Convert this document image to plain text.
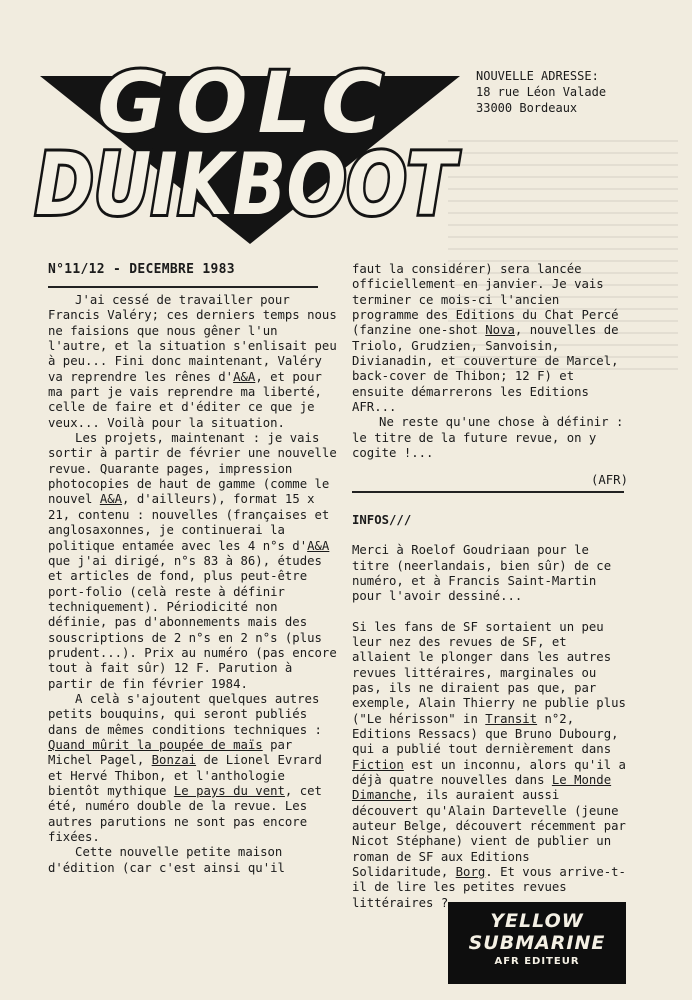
GOLC
DUIKBOOT
NOUVELLE ADRESSE:
18 rue Léon Valade
33000 Bordeaux
N°11/12 - DECEMBRE 1983

J'ai cessé de travailler pour Francis Valéry; ces derniers temps nous ne faisions que nous gêner l'un l'autre, et la situation s'enlisait peu à peu... Fini donc maintenant, Valéry va reprendre les rênes d'A&A, et pour ma part je vais reprendre ma liberté, celle de faire et d'éditer ce que je veux... Voilà pour la situation.

Les projets, maintenant : je vais sortir à partir de février une nouvelle revue. Quarante pages, impression photocopies de haut de gamme (comme le nouvel A&A, d'ailleurs), format 15 x 21, contenu : nouvelles (françaises et anglosaxonnes, je continuerai la politique entamée avec les 4 n°s d'A&A que j'ai dirigé, n°s 83 à 86), études et articles de fond, plus peut-être port-folio (celà reste à définir techniquement). Périodicité non définie, pas d'abonnements mais des souscriptions de 2 n°s en 2 n°s (plus prudent...). Prix au numéro (pas encore tout à fait sûr) 12 F. Parution à partir de fin février 1984.

A celà s'ajoutent quelques autres petits bouquins, qui seront publiés dans de mêmes conditions techniques : Quand mûrit la poupée de maïs par Michel Pagel, Bonzai de Lionel Evrard et Hervé Thibon, et l'anthologie bientôt mythique Le pays du vent, cet été, numéro double de la revue. Les autres parutions ne sont pas encore fixées.

Cette nouvelle petite maison d'édition (car c'est ainsi qu'il

faut la considérer) sera lancée officiellement en janvier. Je vais terminer ce mois-ci l'ancien programme des Editions du Chat Percé (fanzine one-shot Nova, nouvelles de Triolo, Grudzien, Sanvoisin, Divianadin, et couverture de Marcel, back-cover de Thibon; 12 F) et ensuite démarrerons les Editions AFR...

Ne reste qu'une chose à définir : le titre de la future revue, on y cogite !...

(AFR)
INFOS///

Merci à Roelof Goudriaan pour le titre (neerlandais, bien sûr) de ce numéro, et à Francis Saint-Martin pour l'avoir dessiné...

Si les fans de SF sortaient un peu leur nez des revues de SF, et allaient le plonger dans les autres revues littéraires, marginales ou pas, ils ne diraient pas que, par exemple, Alain Thierry ne publie plus ("Le hérisson" in Transit n°2, Editions Ressacs) que Bruno Dubourg, qui a publié tout dernièrement dans Fiction est un inconnu, alors qu'il a déjà quatre nouvelles dans Le Monde Dimanche, ils auraient aussi découvert qu'Alain Dartevelle (jeune auteur Belge, découvert récemment par Nicot Stéphane) vient de publier un roman de SF aux Editions Solidaritude, Borg. Et vous arrive-t-il de lire les petites revues littéraires ?

YELLOW
SUBMARINE
AFR EDITEUR
